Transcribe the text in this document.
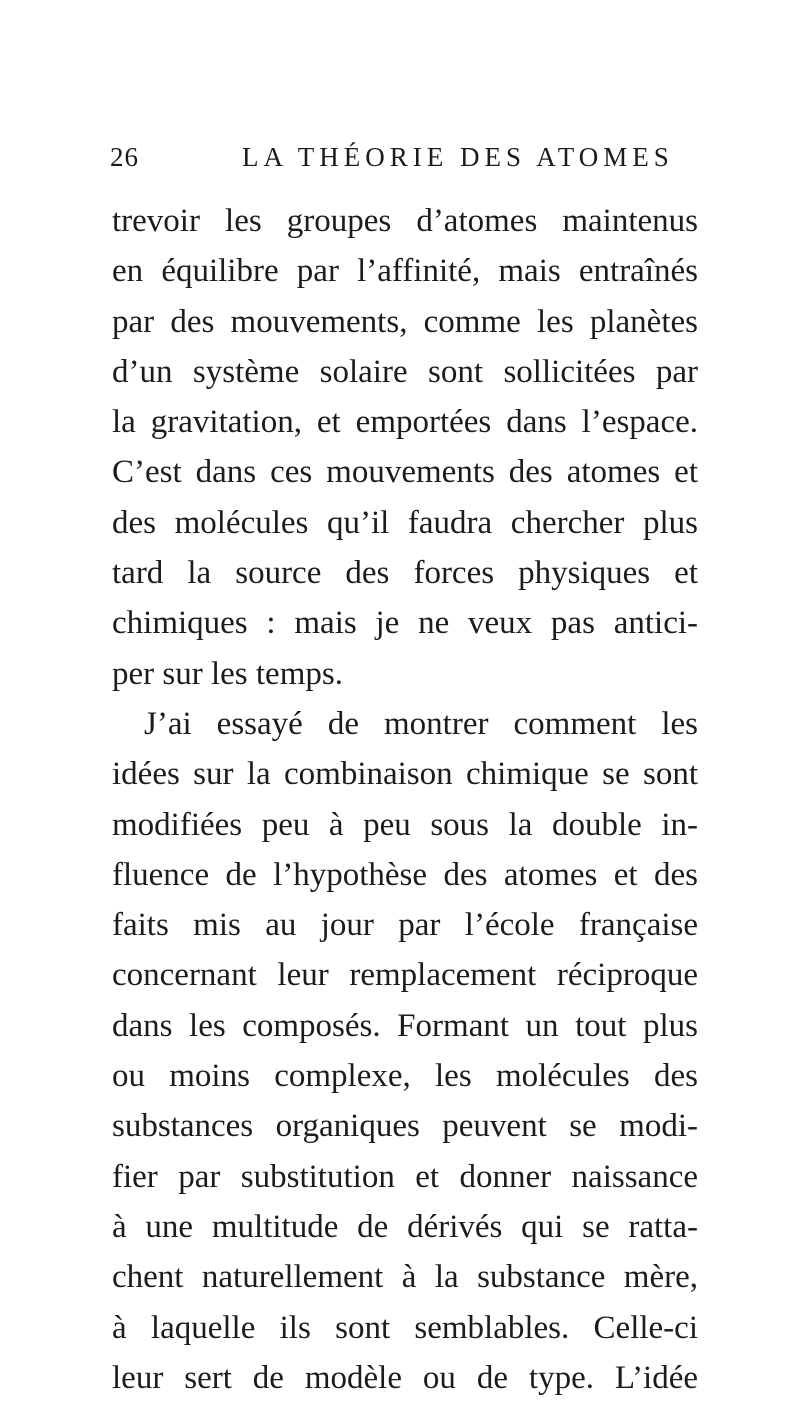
26	LA THÉORIE DES ATOMES
trevoir les groupes d’atomes maintenus
en équilibre par l’affinité, mais entraînés
par des mouvements, comme les planètes
d’un système solaire sont sollicitées par
la gravitation, et emportées dans l’espace.
C’est dans ces mouvements des atomes et
des molécules qu’il faudra chercher plus
tard la source des forces physiques et
chimiques : mais je ne veux pas antici-
per sur les temps.
J’ai essayé de montrer comment les
idées sur la combinaison chimique se sont
modifiées peu à peu sous la double in-
fluence de l’hypothèse des atomes et des
faits mis au jour par l’école française
concernant leur remplacement réciproque
dans les composés. Formant un tout plus
ou moins complexe, les molécules des
substances organiques peuvent se modi-
fier par substitution et donner naissance
à une multitude de dérivés qui se ratta-
chent naturellement à la substance mère,
à laquelle ils sont semblables. Celle-ci
leur sert de modèle ou de type. L’idée
